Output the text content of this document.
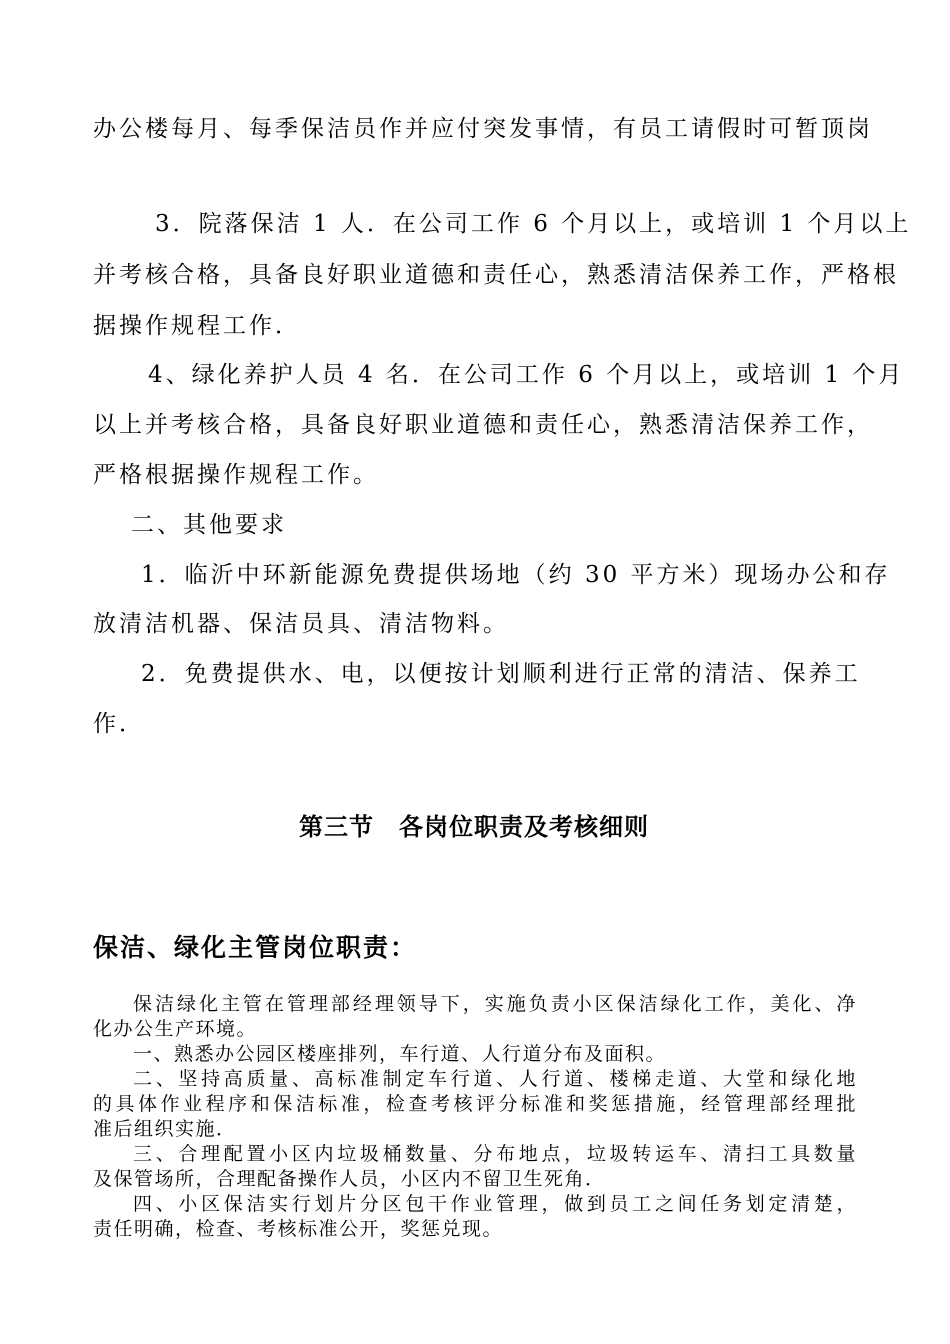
办公楼每月、每季保洁员作并应付突发事情，有员工请假时可暂顶岗
3．院落保洁 1 人．在公司工作 6 个月以上，或培训 1 个月以上
并考核合格，具备良好职业道德和责任心，熟悉清洁保养工作，严格根
据操作规程工作．
4、绿化养护人员 4 名．在公司工作 6 个月以上，或培训 1 个月
以上并考核合格，具备良好职业道德和责任心，熟悉清洁保养工作，
严格根据操作规程工作。
二、其他要求
1．临沂中环新能源免费提供场地（约 30 平方米）现场办公和存
放清洁机器、保洁员具、清洁物料。
2．免费提供水、电，以便按计划顺利进行正常的清洁、保养工
作．
第三节　各岗位职责及考核细则
保洁、绿化主管岗位职责：
保洁绿化主管在管理部经理领导下，实施负责小区保洁绿化工作，美化、净
化办公生产环境。
一、熟悉办公园区楼座排列，车行道、人行道分布及面积。
二、坚持高质量、高标准制定车行道、人行道、楼梯走道、大堂和绿化地
的具体作业程序和保洁标准，检查考核评分标准和奖惩措施，经管理部经理批
准后组织实施．
三、合理配置小区内垃圾桶数量、分布地点，垃圾转运车、清扫工具数量
及保管场所，合理配备操作人员，小区内不留卫生死角．
四、小区保洁实行划片分区包干作业管理，做到员工之间任务划定清楚，
责任明确，检查、考核标准公开，奖惩兑现。
